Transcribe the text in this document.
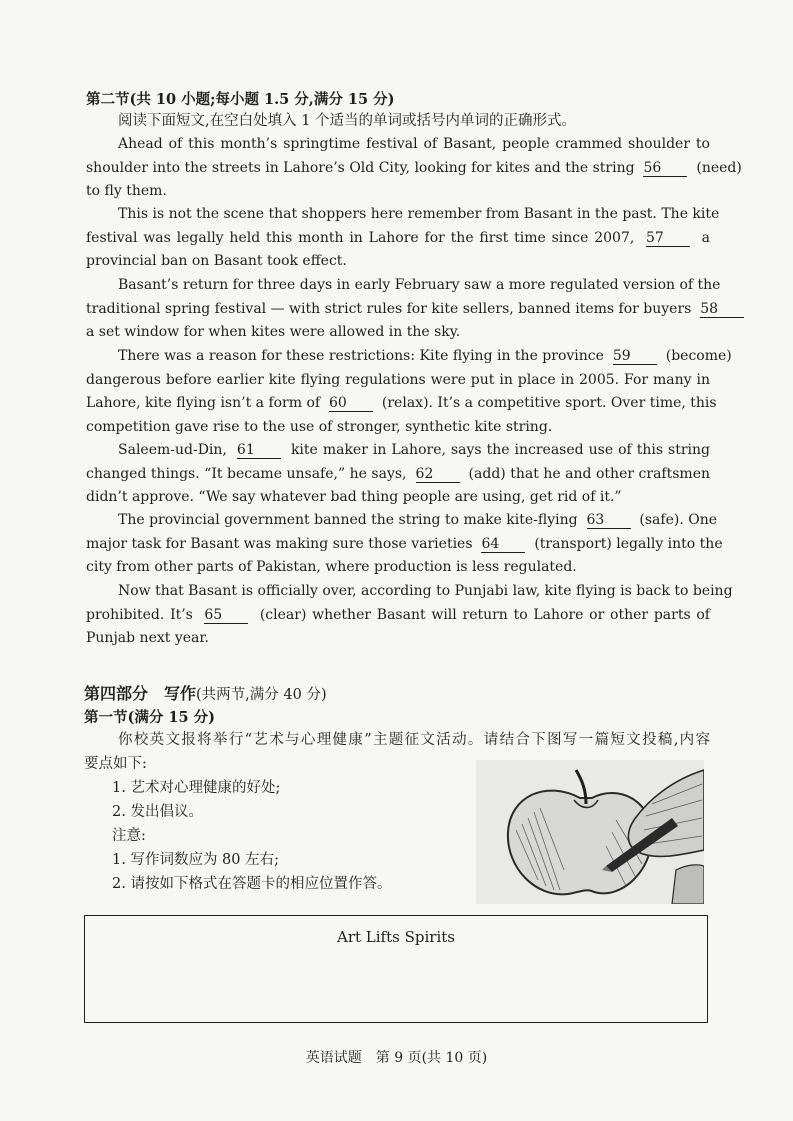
第二节(共 10 小题;每小题 1.5 分,满分 15 分)
阅读下面短文,在空白处填入 1 个适当的单词或括号内单词的正确形式。
Ahead of this month’s springtime festival of Basant, people crammed shoulder to
shoulder into the streets in Lahore’s Old City, looking for kites and the string 56	(need)
to fly them.
This is not the scene that shoppers here remember from Basant in the past. The kite
festival was legally held this month in Lahore for the first time since 2007, 57	a
provincial ban on Basant took effect.
Basant’s return for three days in early February saw a more regulated version of the
traditional spring festival — with strict rules for kite sellers, banned items for buyers 58
a set window for when kites were allowed in the sky.
There was a reason for these restrictions: Kite flying in the province 59	(become)
dangerous before earlier kite flying regulations were put in place in 2005. For many in
Lahore, kite flying isn’t a form of 60	(relax). It’s a competitive sport. Over time, this
competition gave rise to the use of stronger, synthetic kite string.
Saleem-ud-Din, 61	kite maker in Lahore, says the increased use of this string
changed things. “It became unsafe,” he says, 62	(add) that he and other craftsmen
didn’t approve. “We say whatever bad thing people are using, get rid of it.”
The provincial government banned the string to make kite-flying 63	(safe). One
major task for Basant was making sure those varieties 64	(transport) legally into the
city from other parts of Pakistan, where production is less regulated.
Now that Basant is officially over, according to Punjabi law, kite flying is back to being
prohibited. It’s 65	(clear) whether Basant will return to Lahore or other parts of
Punjab next year.
第四部分　写作(共两节,满分 40 分)
第一节(满分 15 分)
你校英文报将举行“艺术与心理健康”主题征文活动。请结合下图写一篇短文投稿,内容
要点如下:
1. 艺术对心理健康的好处;
2. 发出倡议。
注意:
1. 写作词数应为 80 左右;
2. 请按如下格式在答题卡的相应位置作答。
Art Lifts Spirits
英语试题　第 9 页(共 10 页)
